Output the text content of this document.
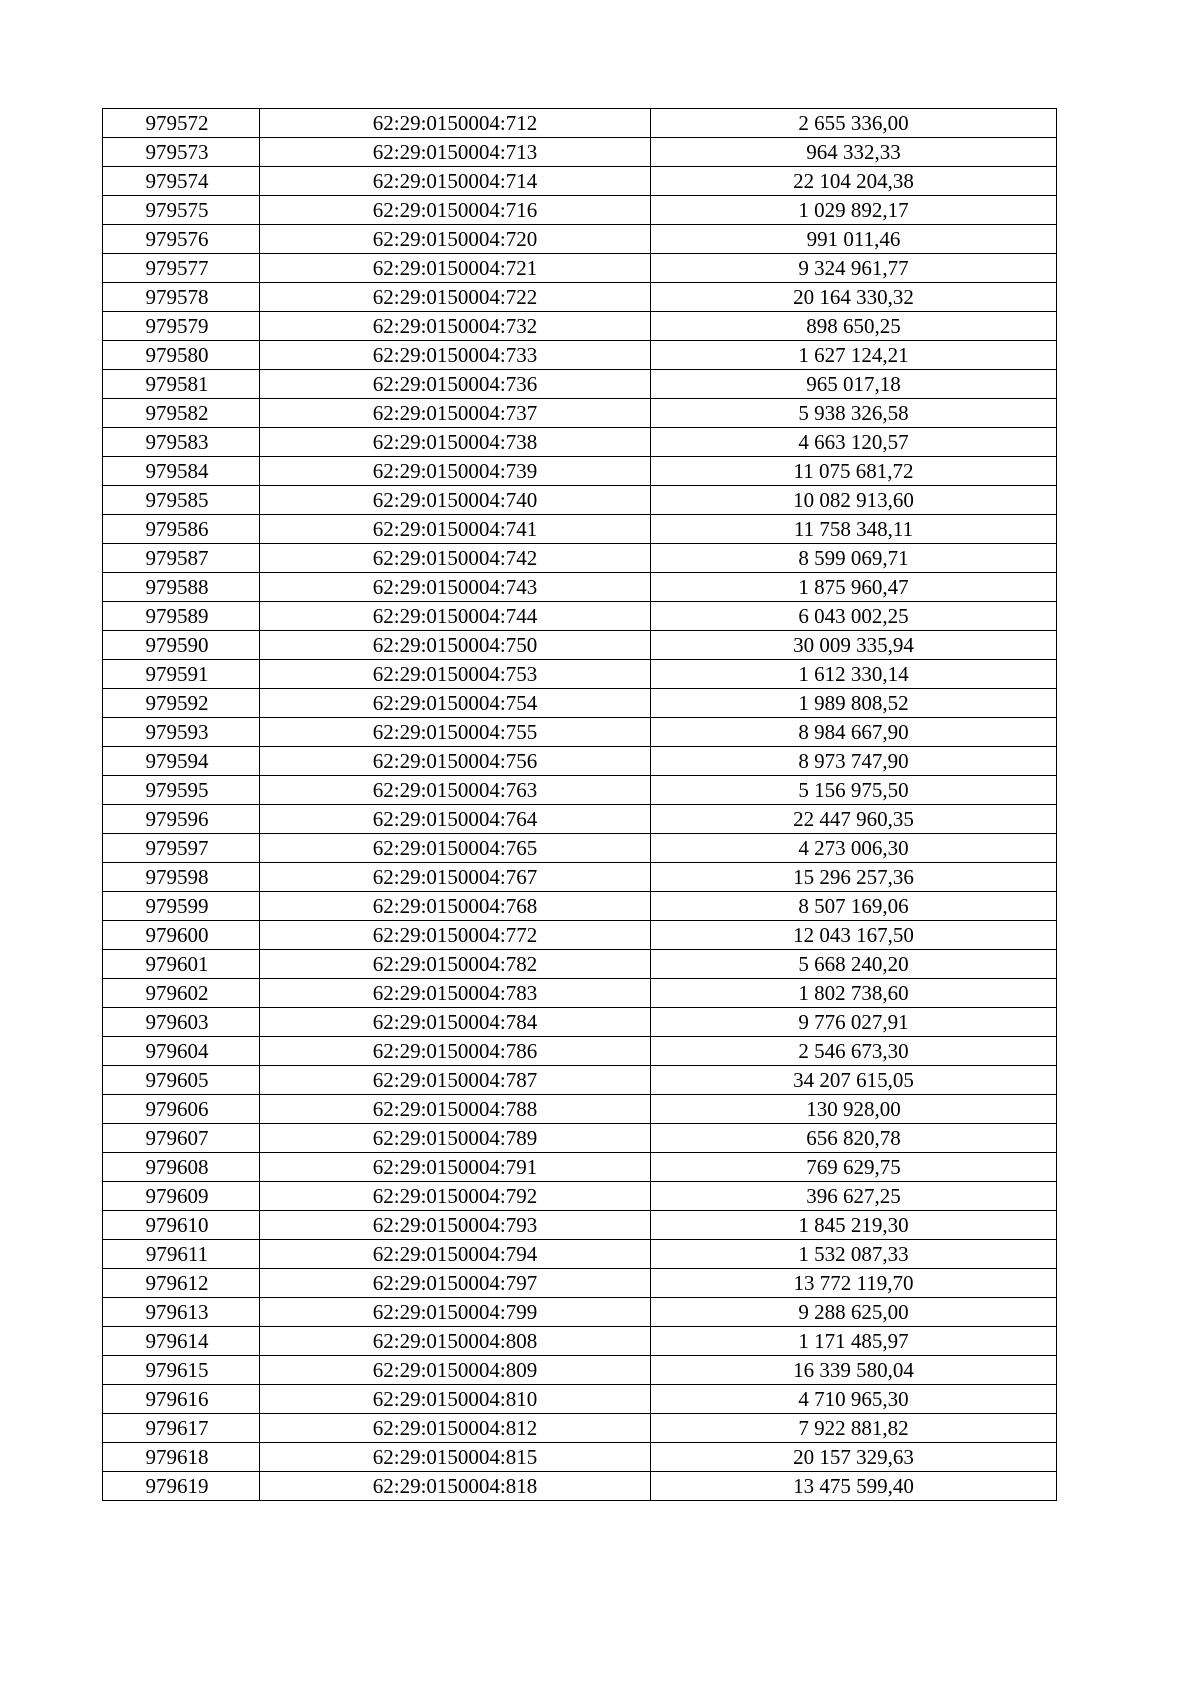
979572	62:29:0150004:712	2 655 336,00
979573	62:29:0150004:713	964 332,33
979574	62:29:0150004:714	22 104 204,38
979575	62:29:0150004:716	1 029 892,17
979576	62:29:0150004:720	991 011,46
979577	62:29:0150004:721	9 324 961,77
979578	62:29:0150004:722	20 164 330,32
979579	62:29:0150004:732	898 650,25
979580	62:29:0150004:733	1 627 124,21
979581	62:29:0150004:736	965 017,18
979582	62:29:0150004:737	5 938 326,58
979583	62:29:0150004:738	4 663 120,57
979584	62:29:0150004:739	11 075 681,72
979585	62:29:0150004:740	10 082 913,60
979586	62:29:0150004:741	11 758 348,11
979587	62:29:0150004:742	8 599 069,71
979588	62:29:0150004:743	1 875 960,47
979589	62:29:0150004:744	6 043 002,25
979590	62:29:0150004:750	30 009 335,94
979591	62:29:0150004:753	1 612 330,14
979592	62:29:0150004:754	1 989 808,52
979593	62:29:0150004:755	8 984 667,90
979594	62:29:0150004:756	8 973 747,90
979595	62:29:0150004:763	5 156 975,50
979596	62:29:0150004:764	22 447 960,35
979597	62:29:0150004:765	4 273 006,30
979598	62:29:0150004:767	15 296 257,36
979599	62:29:0150004:768	8 507 169,06
979600	62:29:0150004:772	12 043 167,50
979601	62:29:0150004:782	5 668 240,20
979602	62:29:0150004:783	1 802 738,60
979603	62:29:0150004:784	9 776 027,91
979604	62:29:0150004:786	2 546 673,30
979605	62:29:0150004:787	34 207 615,05
979606	62:29:0150004:788	130 928,00
979607	62:29:0150004:789	656 820,78
979608	62:29:0150004:791	769 629,75
979609	62:29:0150004:792	396 627,25
979610	62:29:0150004:793	1 845 219,30
979611	62:29:0150004:794	1 532 087,33
979612	62:29:0150004:797	13 772 119,70
979613	62:29:0150004:799	9 288 625,00
979614	62:29:0150004:808	1 171 485,97
979615	62:29:0150004:809	16 339 580,04
979616	62:29:0150004:810	4 710 965,30
979617	62:29:0150004:812	7 922 881,82
979618	62:29:0150004:815	20 157 329,63
979619	62:29:0150004:818	13 475 599,40
